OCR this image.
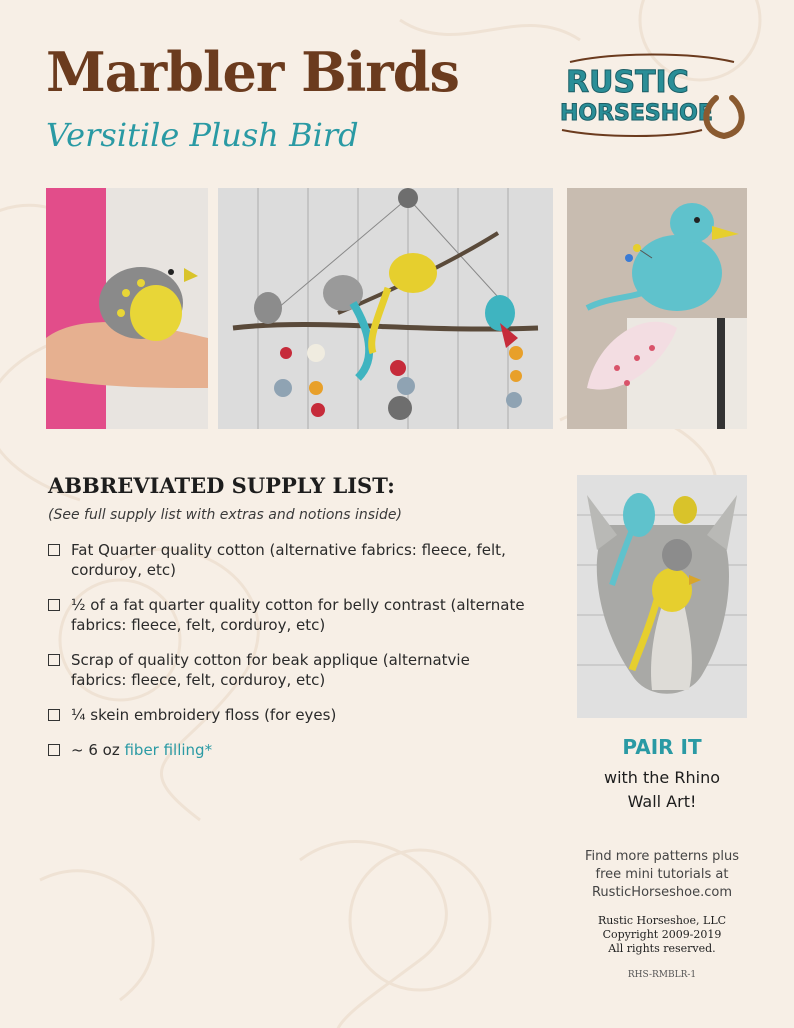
Marbler Birds
Versitile Plush Bird
RUSTIC
HORSESHOE
ABBREVIATED SUPPLY LIST:
(See full supply list with extras and notions inside)
Fat Quarter quality cotton (alternative fabrics: fleece, felt, corduroy, etc)
½ of a fat quarter quality cotton for belly contrast (alternate fabrics: fleece, felt, corduroy, etc)
Scrap of quality cotton for beak applique (alternatvie fabrics: fleece, felt, corduroy, etc)
¼ skein embroidery floss (for eyes)
~ 6 oz fiber filling*	PAIR IT
with the Rhino
Wall Art!
Find more patterns plus
free mini tutorials at
RusticHorseshoe.com
Rustic Horseshoe, LLC
Copyright 2009-2019
All rights reserved.
RHS-RMBLR-1
